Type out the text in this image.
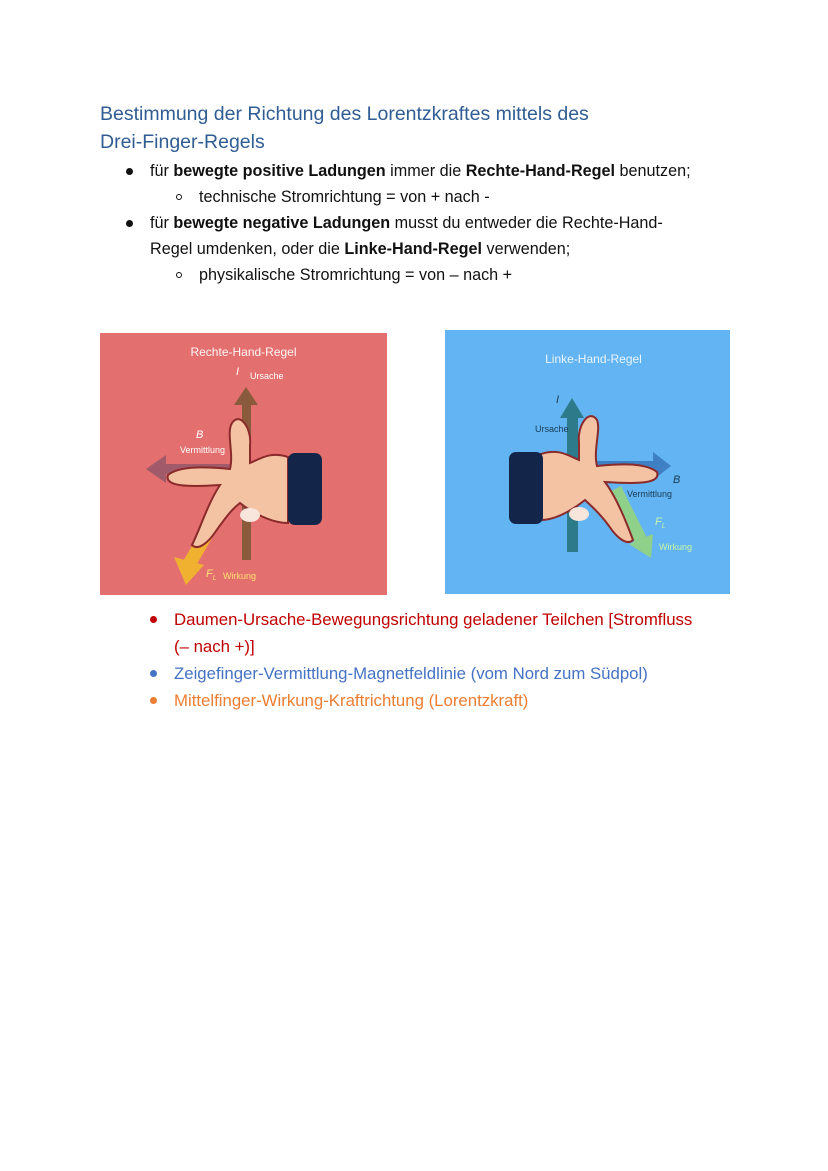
Bestimmung der Richtung des Lorentzkraftes mittels des
Drei-Finger-Regels
für bewegte positive Ladungen immer die Rechte-Hand-Regel benutzen;
technische Stromrichtung = von + nach -
für bewegte negative Ladungen musst du entweder die Rechte-Hand-
Regel umdenken, oder die Linke-Hand-Regel verwenden;
physikalische Stromrichtung = von – nach +
Rechte-Hand-Regel
I Ursache
B
Vermittlung
$F_L$ Wirkung
Linke-Hand-Regel
I
Ursache
B
Vermittlung
$F_L$
Wirkung
Daumen-Ursache-Bewegungsrichtung geladener Teilchen [Stromfluss
(– nach +)]
Zeigefinger-Vermittlung-Magnetfeldlinie (vom Nord zum Südpol)
Mittelfinger-Wirkung-Kraftrichtung (Lorentzkraft)
